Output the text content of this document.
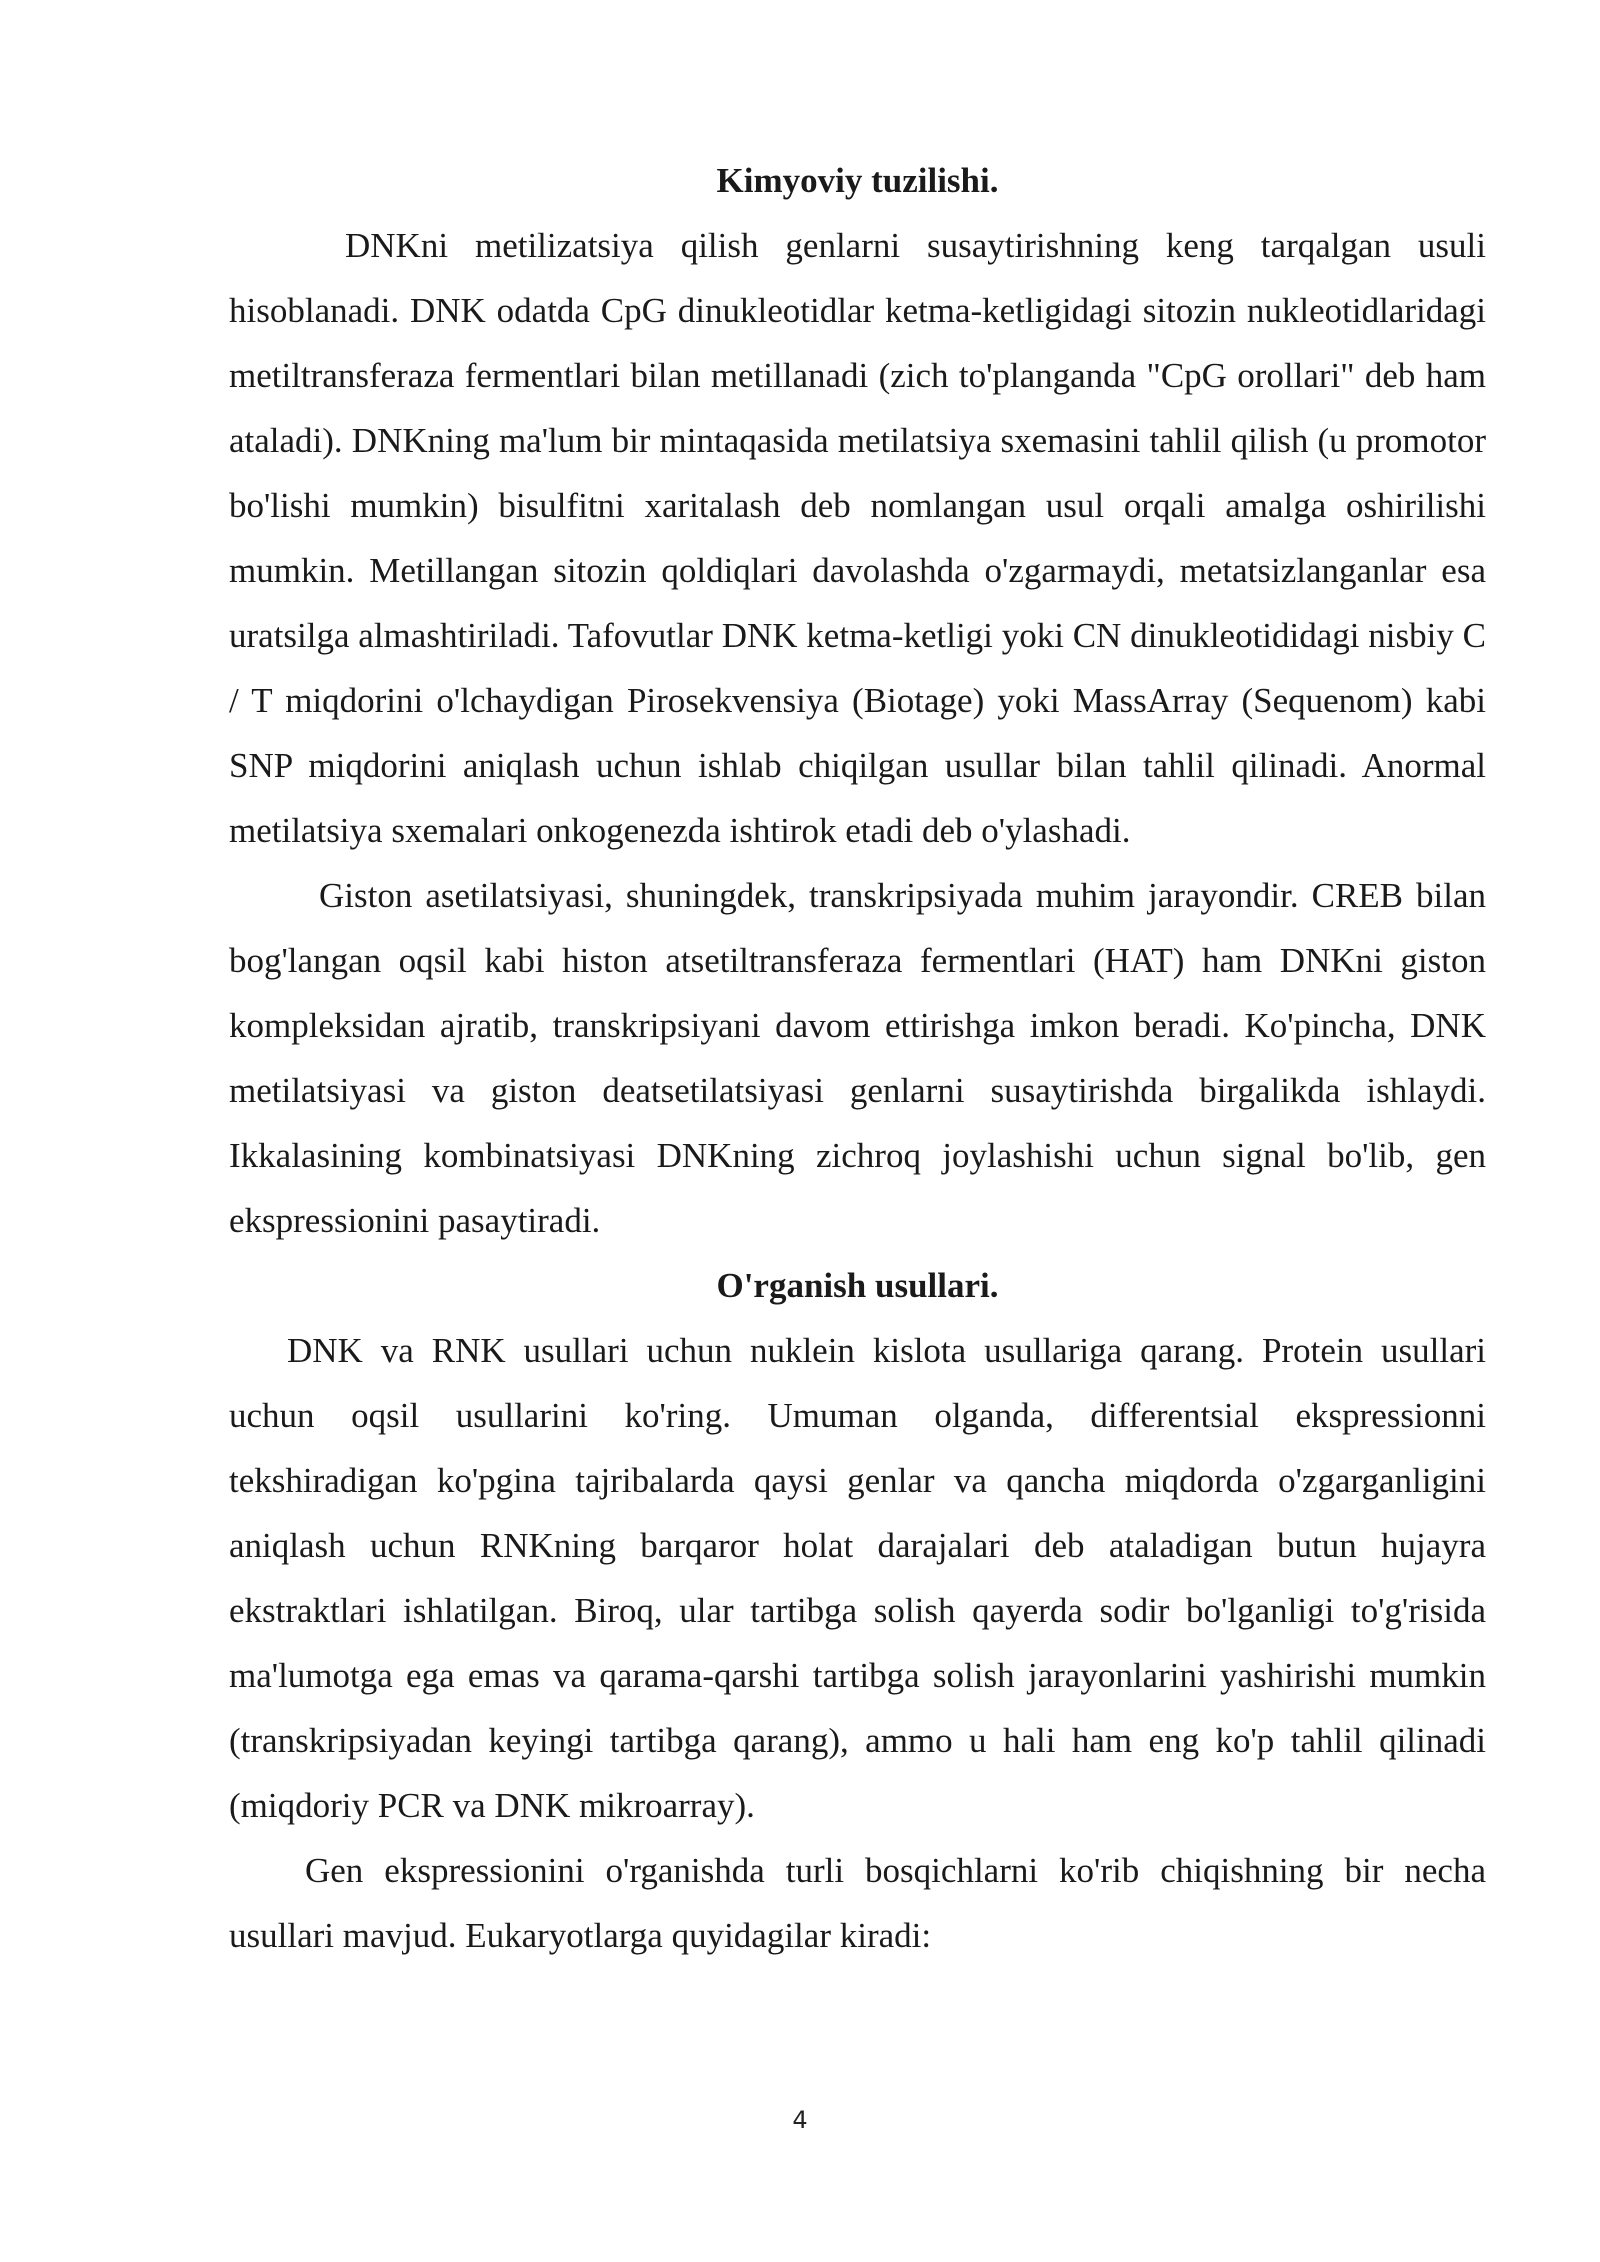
Kimyoviy tuzilishi.

DNKni metilizatsiya qilish genlarni susaytirishning keng tarqalgan usuli hisoblanadi. DNK odatda CpG dinukleotidlar ketma-ketligidagi sitozin nukleotidlaridagi metiltransferaza fermentlari bilan metillanadi (zich to'planganda "CpG orollari" deb ham ataladi). DNKning ma'lum bir mintaqasida metilatsiya sxemasini tahlil qilish (u promotor bo'lishi mumkin) bisulfitni xaritalash deb nomlangan usul orqali amalga oshirilishi mumkin. Metillangan sitozin qoldiqlari davolashda o'zgarmaydi, metatsizlanganlar esa uratsilga almashtiriladi. Tafovutlar DNK ketma-ketligi yoki CN dinukleotididagi nisbiy C / T miqdorini o'lchaydigan Pirosekvensiya (Biotage) yoki MassArray (Sequenom) kabi SNP miqdorini aniqlash uchun ishlab chiqilgan usullar bilan tahlil qilinadi. Anormal metilatsiya sxemalari onkogenezda ishtirok etadi deb o'ylashadi.

Giston asetilatsiyasi, shuningdek, transkripsiyada muhim jarayondir. CREB bilan bog'langan oqsil kabi histon atsetiltransferaza fermentlari (HAT) ham DNKni giston kompleksidan ajratib, transkripsiyani davom ettirishga imkon beradi. Ko'pincha, DNK metilatsiyasi va giston deatsetilatsiyasi genlarni susaytirishda birgalikda ishlaydi. Ikkalasining kombinatsiyasi DNKning zichroq joylashishi uchun signal bo'lib, gen ekspressionini pasaytiradi.

O'rganish usullari.

DNK va RNK usullari uchun nuklein kislota usullariga qarang. Protein usullari uchun oqsil usullarini ko'ring. Umuman olganda, differentsial ekspressionni tekshiradigan ko'pgina tajribalarda qaysi genlar va qancha miqdorda o'zgarganligini aniqlash uchun RNKning barqaror holat darajalari deb ataladigan butun hujayra ekstraktlari ishlatilgan. Biroq, ular tartibga solish qayerda sodir bo'lganligi to'g'risida ma'lumotga ega emas va qarama-qarshi tartibga solish jarayonlarini yashirishi mumkin (transkripsiyadan keyingi tartibga qarang), ammo u hali ham eng ko'p tahlil qilinadi (miqdoriy PCR va DNK mikroarray).

Gen ekspressionini o'rganishda turli bosqichlarni ko'rib chiqishning bir necha usullari mavjud. Eukaryotlarga quyidagilar kiradi:

4
